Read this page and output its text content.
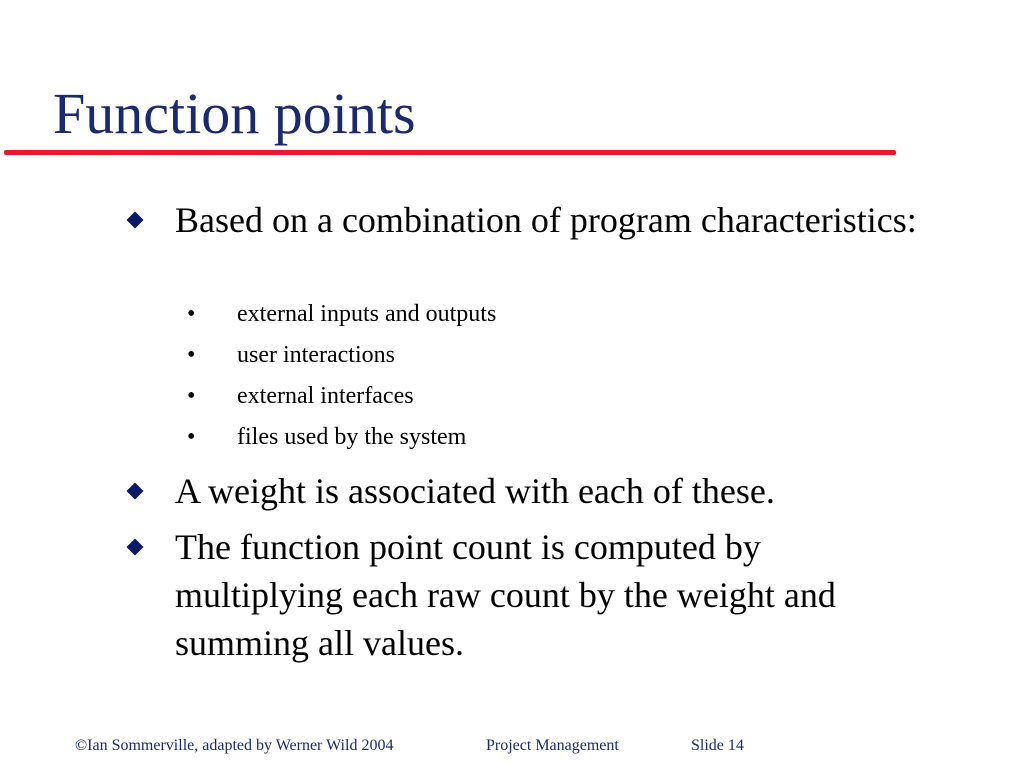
Function points
Based on a combination of program characteristics:
• external inputs and outputs
• user interactions
• external interfaces
• files used by the system
A weight is associated with each of these.
The function point count is computed by multiplying each raw count by the weight and summing all values.
©Ian Sommerville, adapted by Werner Wild 2004	Project Management	Slide 14
